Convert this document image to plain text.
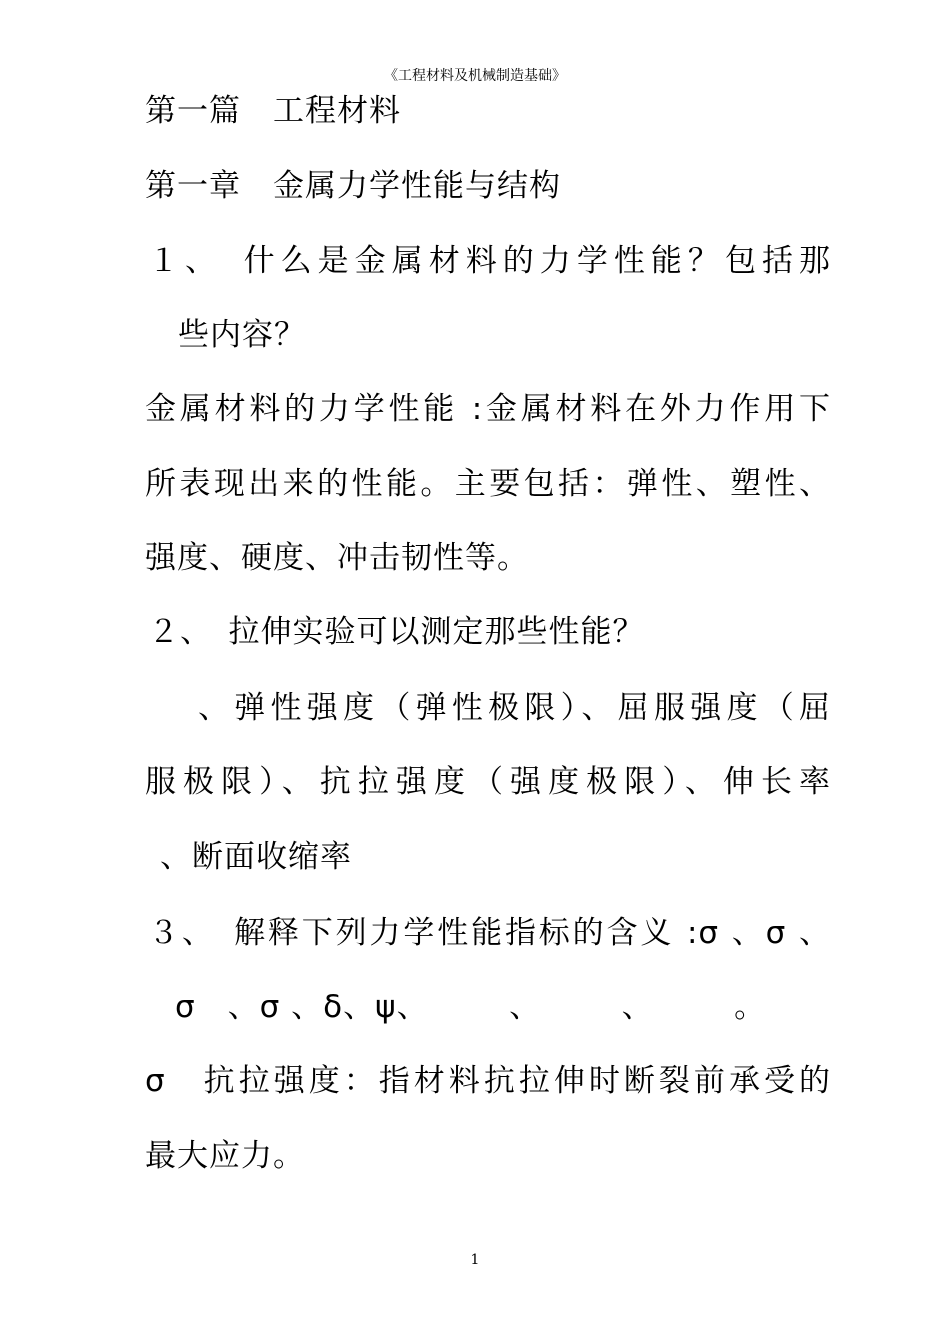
《工程材料及机械制造基础》
第一篇　工程材料
第一章　金属力学性能与结构
１、　什么是金属材料的力学性能？包括那
些内容？
金属材料的力学性能 :金属材料在外力作用下
所表现出来的性能。主要包括：弹性、塑性、
强度、硬度、冲击韧性等。
２、　拉伸实验可以测定那些性能？
、弹性强度（弹性极限）、屈服强度（屈
服极限）、抗拉强度（强度极限）、伸长率
、断面收缩率
３、　解释下列力学性能指标的含义 :σ 、σ 、
σ　、σ 、δ、ψ、　　　、　　　、　　　。
σ　抗拉强度：指材料抗拉伸时断裂前承受的
最大应力。
1
